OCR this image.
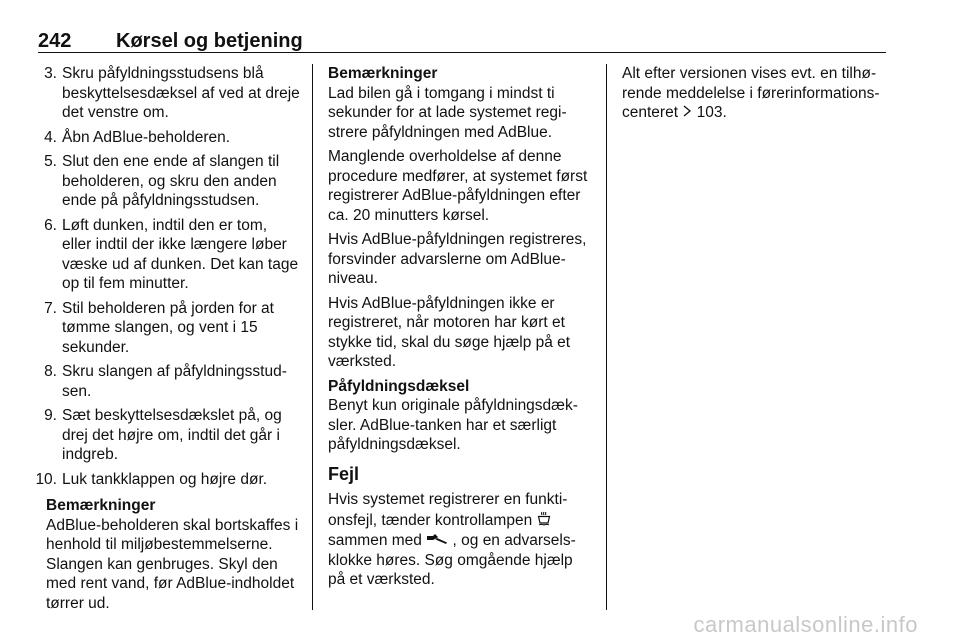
242 Kørsel og betjening
3. Skru påfyldningsstudsens blå beskyttelsesdæksel af ved at dreje det venstre om.
4. Åbn AdBlue-beholderen.
5. Slut den ene ende af slangen til beholderen, og skru den anden ende på påfyldningsstudsen.
6. Løft dunken, indtil den er tom, eller indtil der ikke længere løber væske ud af dunken. Det kan tage op til fem minutter.
7. Stil beholderen på jorden for at tømme slangen, og vent i 15 sekunder.
8. Skru slangen af påfyldningsstudsen.
9. Sæt beskyttelsesdækslet på, og drej det højre om, indtil det går i indgreb.
10. Luk tankklappen og højre dør.
Bemærkninger
AdBlue-beholderen skal bortskaffes i henhold til miljøbestemmelserne. Slangen kan genbruges. Skyl den med rent vand, før AdBlue-indholdet tørrer ud.
Bemærkninger

Lad bilen gå i tomgang i mindst ti sekunder for at lade systemet registrere påfyldningen med AdBlue.

Manglende overholdelse af denne procedure medfører, at systemet først registrerer AdBlue-påfyldningen efter ca. 20 minutters kørsel.

Hvis AdBlue-påfyldningen registreres, forsvinder advarslerne om AdBlue-niveau.

Hvis AdBlue-påfyldningen ikke er registreret, når motoren har kørt et stykke tid, skal du søge hjælp på et værksted.

Påfyldningsdæksel

Benyt kun originale påfyldningsdæksler. AdBlue-tanken har et særligt påfyldningsdæksel.

Fejl

Hvis systemet registrerer en funktionsfejl, tænder kontrollampen  sammen med , og en advarselsklokke høres. Søg omgående hjælp på et værksted.

Alt efter versionen vises evt. en tilhørende meddelelse i førerinformationscenteret 103.

carmanualsonline.info
